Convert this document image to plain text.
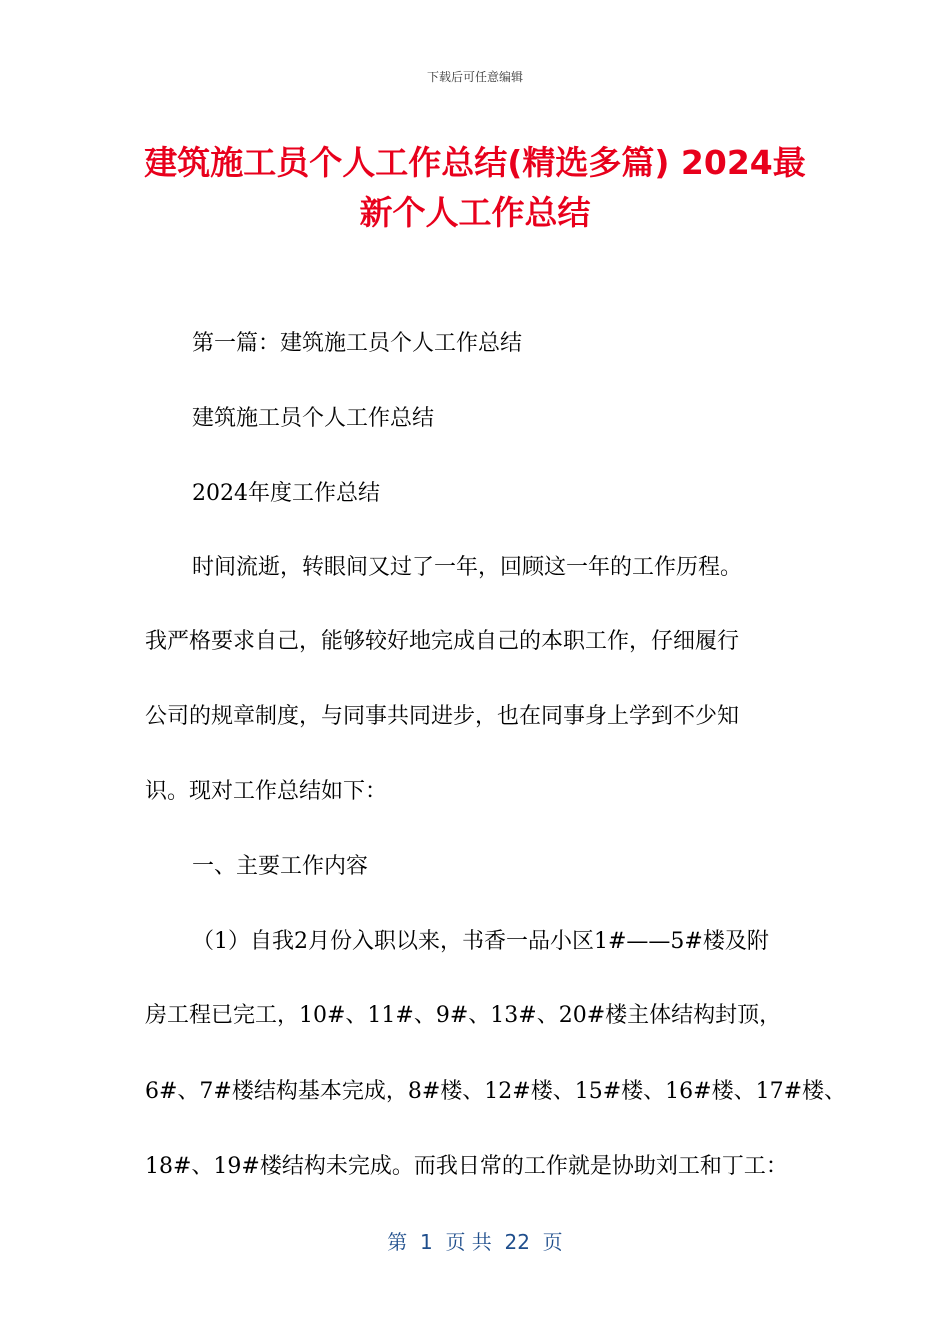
下载后可任意编辑
建筑施工员个人工作总结(精选多篇) 2024最
新个人工作总结

第一篇：建筑施工员个人工作总结

建筑施工员个人工作总结

2024年度工作总结

时间流逝，转眼间又过了一年，回顾这一年的工作历程。

我严格要求自己，能够较好地完成自己的本职工作，仔细履行

公司的规章制度，与同事共同进步，也在同事身上学到不少知

识。现对工作总结如下：

一、主要工作内容

（1）自我2月份入职以来，书香一品小区1#——5#楼及附

房工程已完工，10#、11#、9#、13#、20#楼主体结构封顶，

6#、7#楼结构基本完成，8#楼、12#楼、15#楼、16#楼、17#楼、

18#、19#楼结构未完成。而我日常的工作就是协助刘工和丁工：

第  1  页 共  22  页
